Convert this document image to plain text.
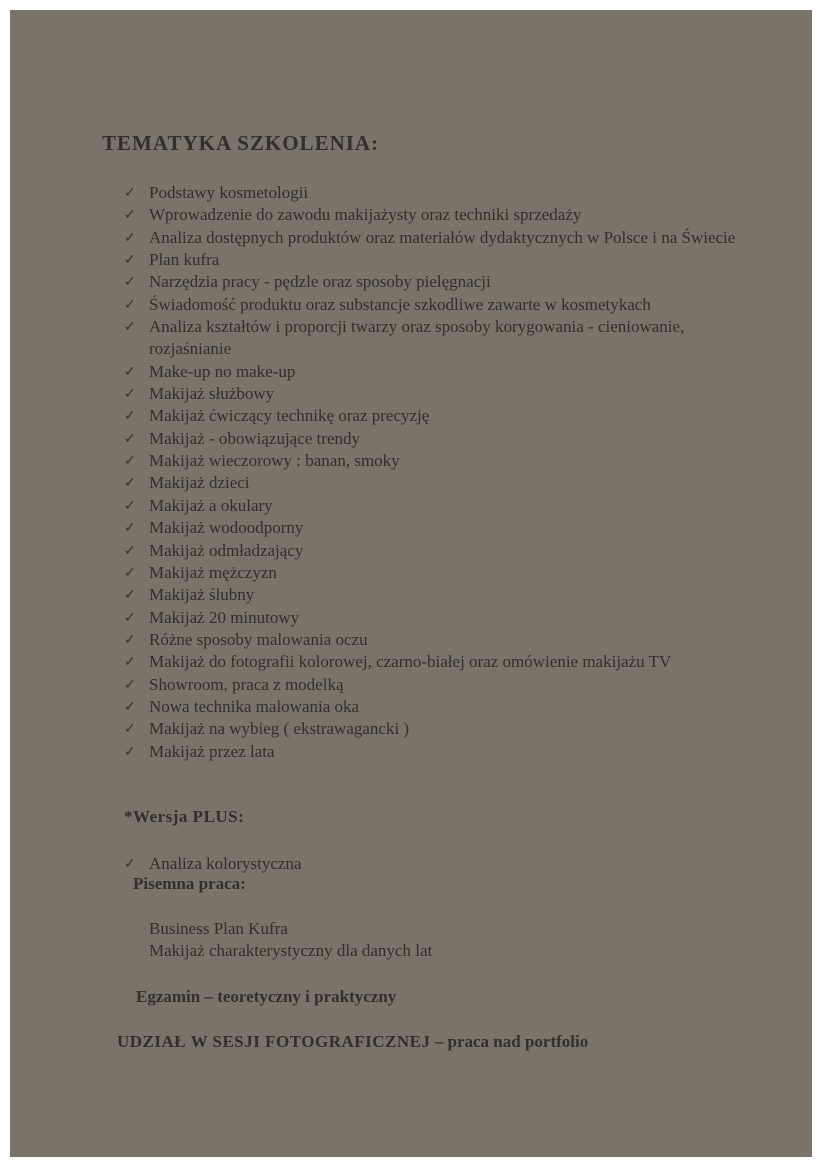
TEMATYKA SZKOLENIA:
✓ Podstawy kosmetologii
✓ Wprowadzenie do zawodu makijażysty oraz techniki sprzedaży
✓ Analiza dostępnych produktów oraz materiałów dydaktycznych w Polsce i na Świecie
✓ Plan kufra
✓ Narzędzia pracy - pędzle oraz sposoby pielęgnacji
✓ Świadomość produktu oraz substancje szkodliwe zawarte w kosmetykach
✓ Analiza kształtów i proporcji twarzy oraz sposoby korygowania - cieniowanie, rozjaśnianie
✓ Make-up no make-up
✓ Makijaż służbowy
✓ Makijaż ćwiczący technikę oraz precyzję
✓ Makijaż - obowiązujące trendy
✓ Makijaż wieczorowy : banan, smoky
✓ Makijaż dzieci
✓ Makijaż a okulary
✓ Makijaż wodoodporny
✓ Makijaż odmładzający
✓ Makijaż mężczyzn
✓ Makijaż ślubny
✓ Makijaż 20 minutowy
✓ Różne sposoby malowania oczu
✓ Makijaż do fotografii kolorowej, czarno-białej oraz omówienie makijażu TV
✓ Showroom, praca z modelką
✓ Nowa technika malowania oka
✓ Makijaż na wybieg ( ekstrawagancki )
✓ Makijaż przez lata
*Wersja PLUS:
✓ Analiza kolorystyczna
Pisemna praca:
Business Plan Kufra
Makijaż charakterystyczny dla danych lat
Egzamin – teoretyczny i praktyczny
UDZIAŁ W SESJI FOTOGRAFICZNEJ – praca nad portfolio
